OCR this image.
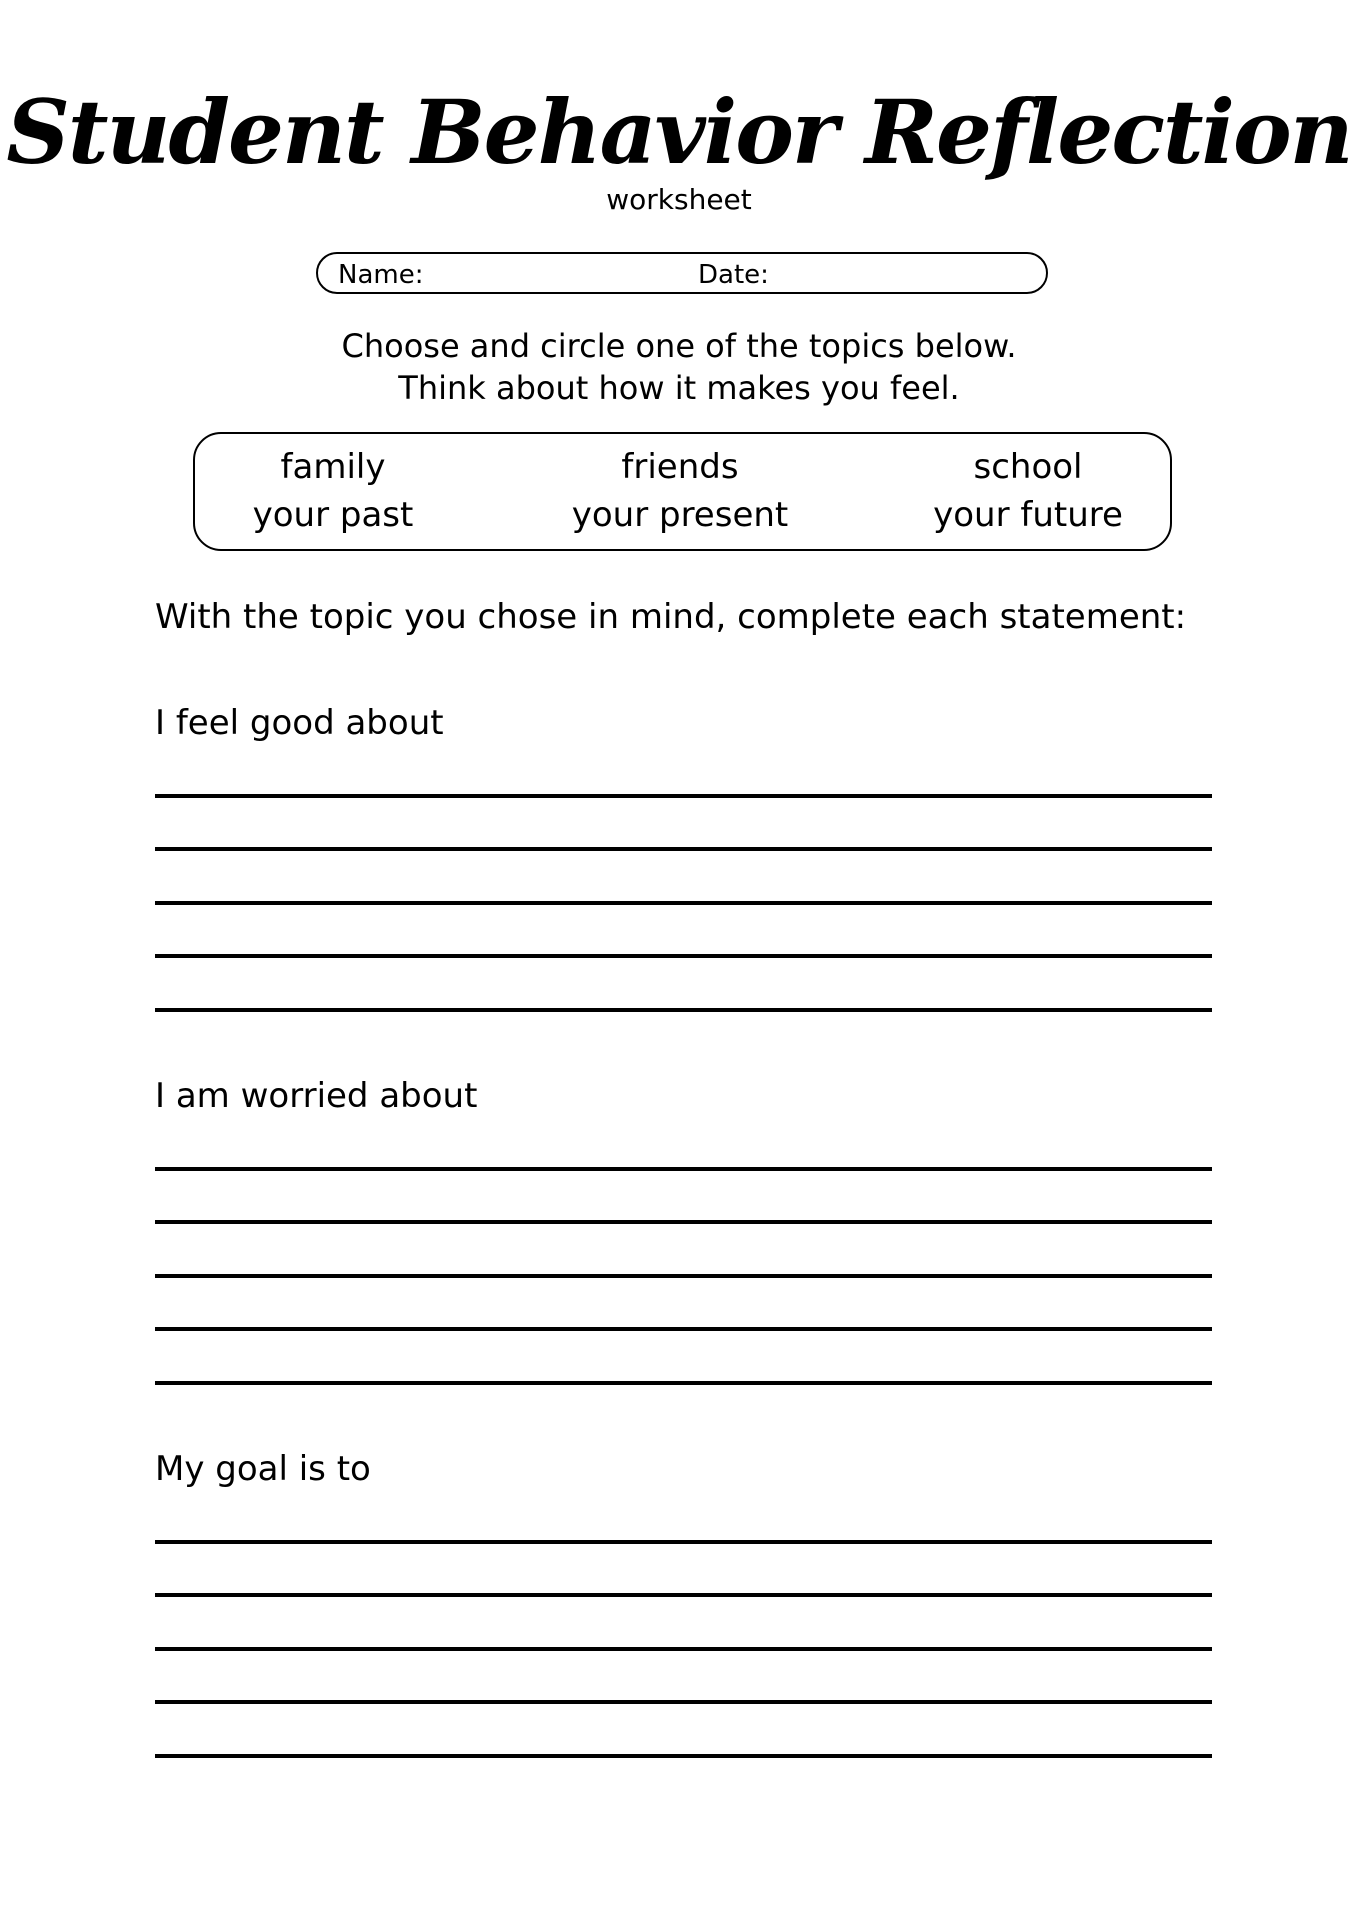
Student Behavior Reflection
worksheet
Name:	Date:
Choose and circle one of the topics below.
Think about how it makes you feel.
family	friends	school
your past	your present	your future
With the topic you chose in mind, complete each statement:
I feel good about
I am worried about
My goal is to
